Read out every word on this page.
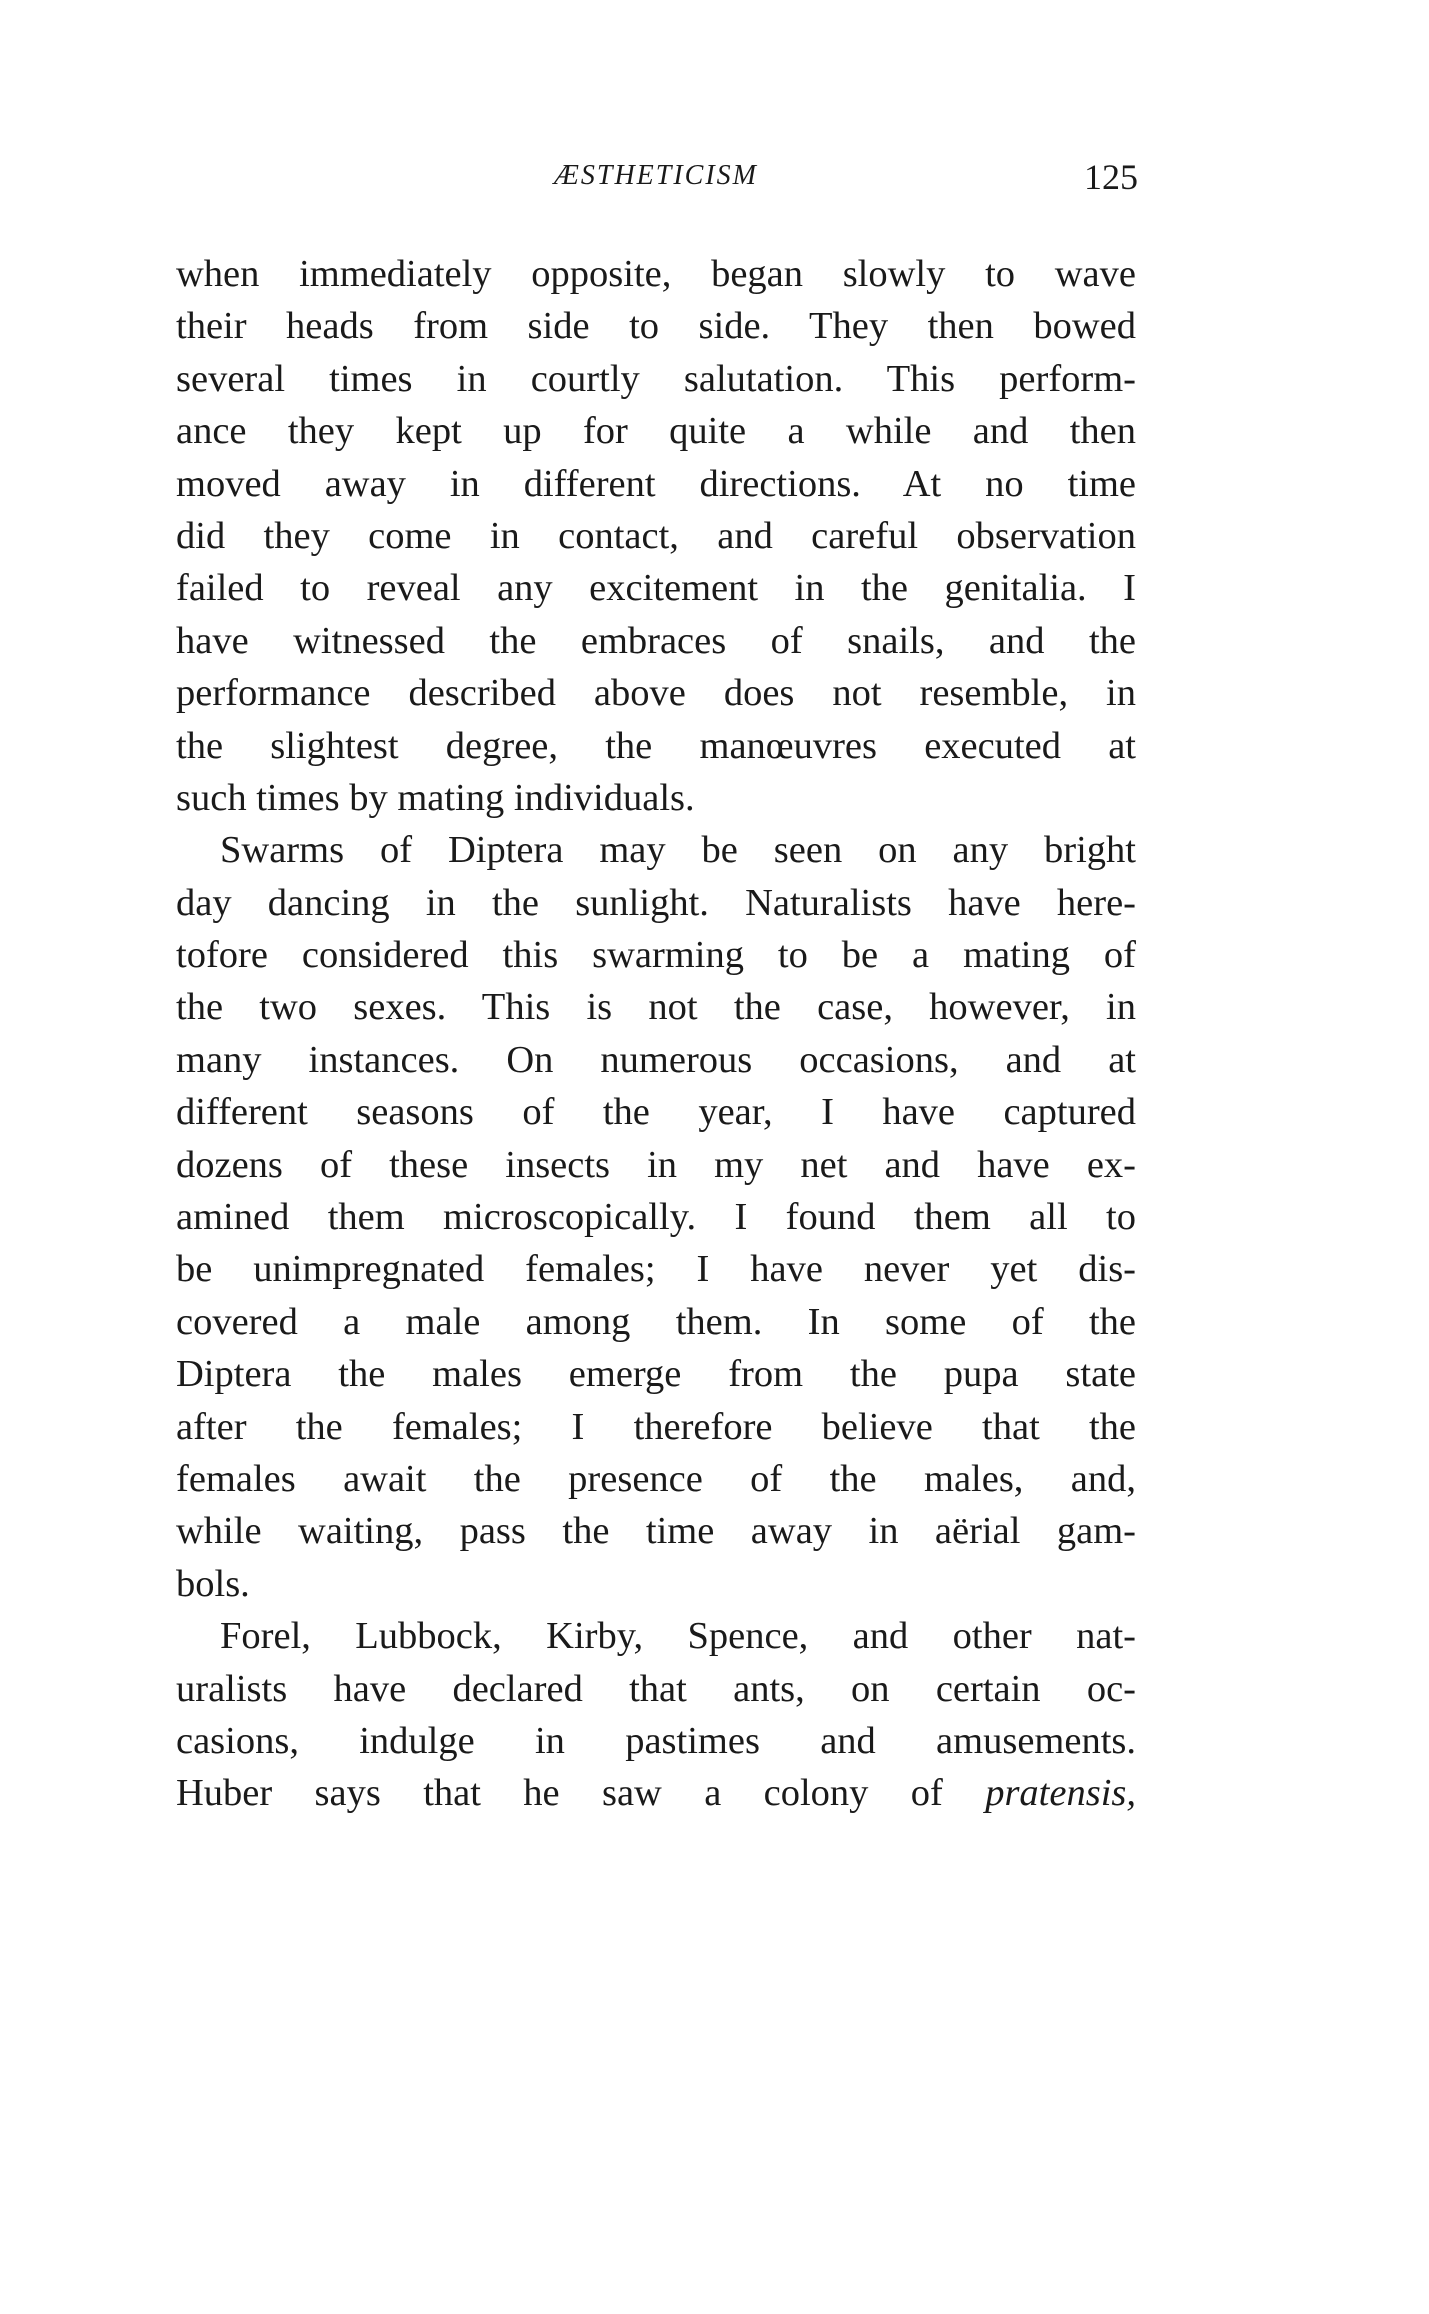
ÆSTHETICISM	125
when immediately opposite, began slowly to wave
their heads from side to side. They then bowed
several times in courtly salutation. This perform-
ance they kept up for quite a while and then
moved away in different directions. At no time
did they come in contact, and careful observation
failed to reveal any excitement in the genitalia. I
have witnessed the embraces of snails, and the
performance described above does not resemble, in
the slightest degree, the manœuvres executed at
such times by mating individuals.
Swarms of Diptera may be seen on any bright
day dancing in the sunlight. Naturalists have here-
tofore considered this swarming to be a mating of
the two sexes. This is not the case, however, in
many instances. On numerous occasions, and at
different seasons of the year, I have captured
dozens of these insects in my net and have ex-
amined them microscopically. I found them all to
be unimpregnated females; I have never yet dis-
covered a male among them. In some of the
Diptera the males emerge from the pupa state
after the females; I therefore believe that the
females await the presence of the males, and,
while waiting, pass the time away in aërial gam-
bols.
Forel, Lubbock, Kirby, Spence, and other nat-
uralists have declared that ants, on certain oc-
casions, indulge in pastimes and amusements.
Huber says that he saw a colony of pratensis,
